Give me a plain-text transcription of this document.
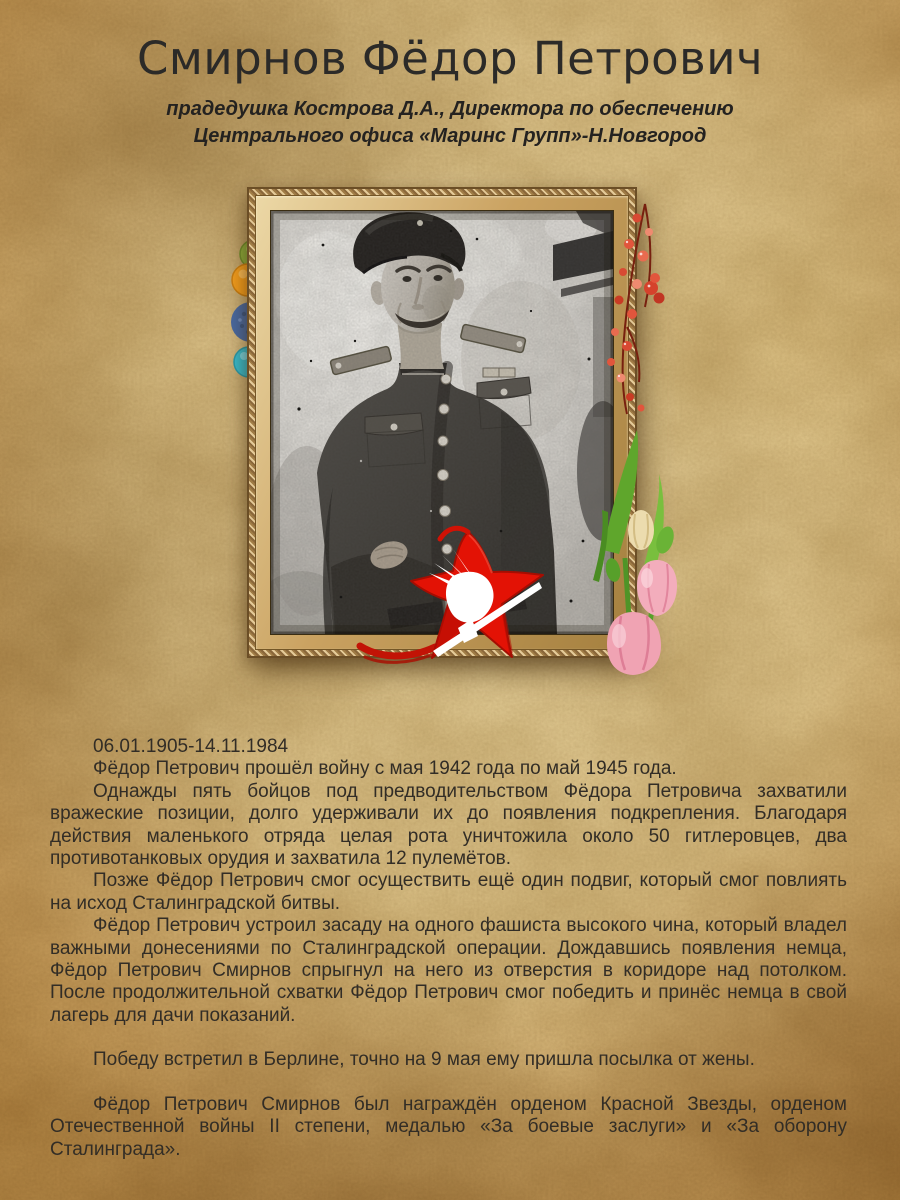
Смирнов Фёдор Петрович

прадедушка Кострова Д.А., Директора по обеспечению

Центрального офиса «Маринс Групп»-Н.Новгород

06.01.1905-14.11.1984

Фёдор Петрович прошёл войну с мая 1942 года по май 1945 года.

Однажды пять бойцов под предводительством Фёдора Петровича захватили вражеские позиции, долго удерживали их до появления подкрепления. Благодаря действия маленького отряда целая рота уничтожила около 50 гитлеровцев, два противотанковых орудия и захватила 12 пулемётов.

Позже Фёдор Петрович смог осуществить ещё один подвиг, который смог повлиять на исход Сталинградской битвы.

Фёдор Петрович устроил засаду на одного фашиста высокого чина, который владел важными донесениями по Сталинградской операции. Дождавшись появления немца, Фёдор Петрович Смирнов спрыгнул на него из отверстия в коридоре над потолком. После продолжительной схватки Фёдор Петрович смог победить и принёс немца в свой лагерь для дачи показаний.

Победу встретил в Берлине, точно на 9 мая ему пришла посылка от жены.

Фёдор Петрович Смирнов был награждён орденом Красной Звезды, орденом Отечественной войны II степени, медалью «За боевые заслуги» и «За оборону Сталинграда».
